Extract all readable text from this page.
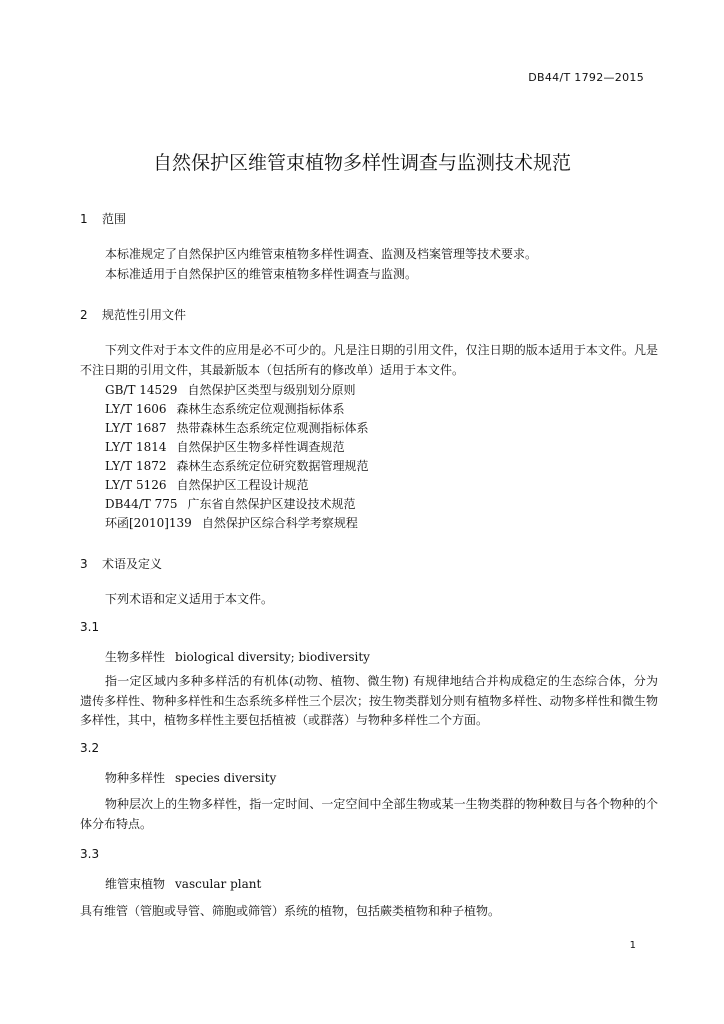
DB44/T 1792—2015
自然保护区维管束植物多样性调查与监测技术规范
1 范围
本标准规定了自然保护区内维管束植物多样性调查、监测及档案管理等技术要求。
本标准适用于自然保护区的维管束植物多样性调查与监测。
2 规范性引用文件
下列文件对于本文件的应用是必不可少的。凡是注日期的引用文件，仅注日期的版本适用于本文件。凡是不注日期的引用文件，其最新版本（包括所有的修改单）适用于本文件。
GB/T 14529 自然保护区类型与级别划分原则
LY/T 1606 森林生态系统定位观测指标体系
LY/T 1687 热带森林生态系统定位观测指标体系
LY/T 1814 自然保护区生物多样性调查规范
LY/T 1872 森林生态系统定位研究数据管理规范
LY/T 5126 自然保护区工程设计规范
DB44/T 775 广东省自然保护区建设技术规范
环函[2010]139 自然保护区综合科学考察规程
3 术语及定义
下列术语和定义适用于本文件。
3.1
生物多样性 biological diversity; biodiversity
指一定区域内多种多样活的有机体(动物、植物、微生物) 有规律地结合并构成稳定的生态综合体，分为遗传多样性、物种多样性和生态系统多样性三个层次；按生物类群划分则有植物多样性、动物多样性和微生物多样性，其中，植物多样性主要包括植被（或群落）与物种多样性二个方面。
3.2
物种多样性 species diversity
物种层次上的生物多样性，指一定时间、一定空间中全部生物或某一生物类群的物种数目与各个物种的个体分布特点。
3.3
维管束植物 vascular plant
具有维管（管胞或导管、筛胞或筛管）系统的植物，包括蕨类植物和种子植物。
1
